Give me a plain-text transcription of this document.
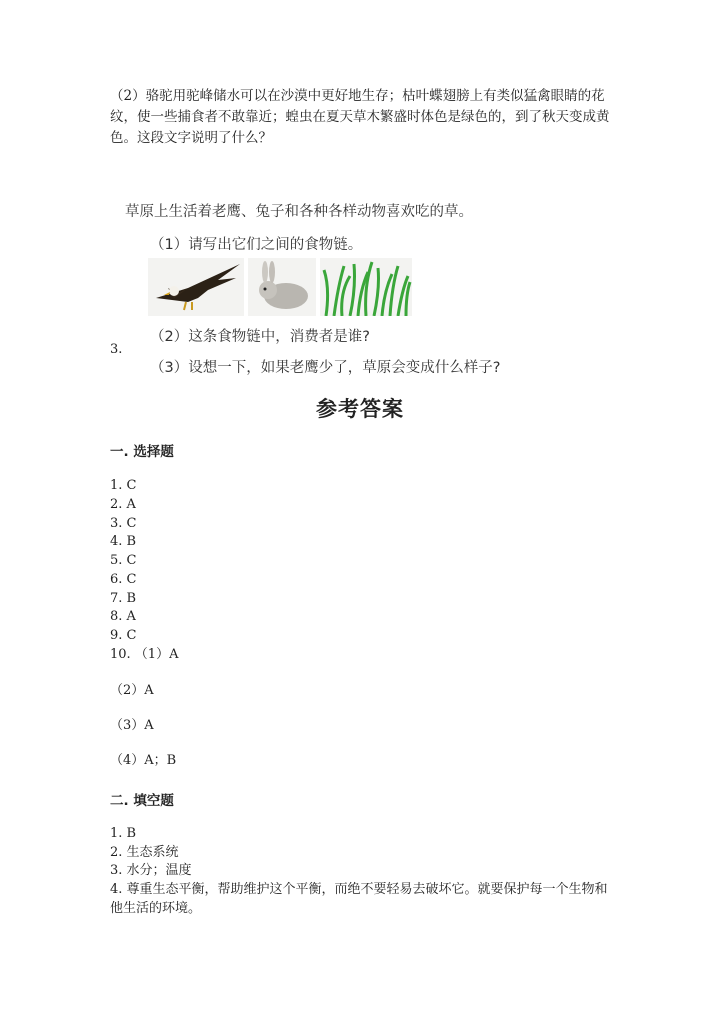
（2）骆驼用驼峰储水可以在沙漠中更好地生存；枯叶蝶翅膀上有类似猛禽眼睛的花纹，使一些捕食者不敢靠近；蝗虫在夏天草木繁盛时体色是绿色的，到了秋天变成黄色。这段文字说明了什么？
草原上生活着老鹰、兔子和各种各样动物喜欢吃的草。
（1）请写出它们之间的食物链。
3.
（2）这条食物链中，消费者是谁?
（3）设想一下，如果老鹰少了，草原会变成什么样子?
参考答案
一. 选择题
1. C
2. A
3. C
4. B
5. C
6. C
7. B
8. A
9. C
10. （1）A
（2）A
（3）A
（4）A；B
二. 填空题
1. B
2. 生态系统
3. 水分；温度
4. 尊重生态平衡，帮助维护这个平衡，而绝不要轻易去破坏它。就要保护每一个生物和他生活的环境。
